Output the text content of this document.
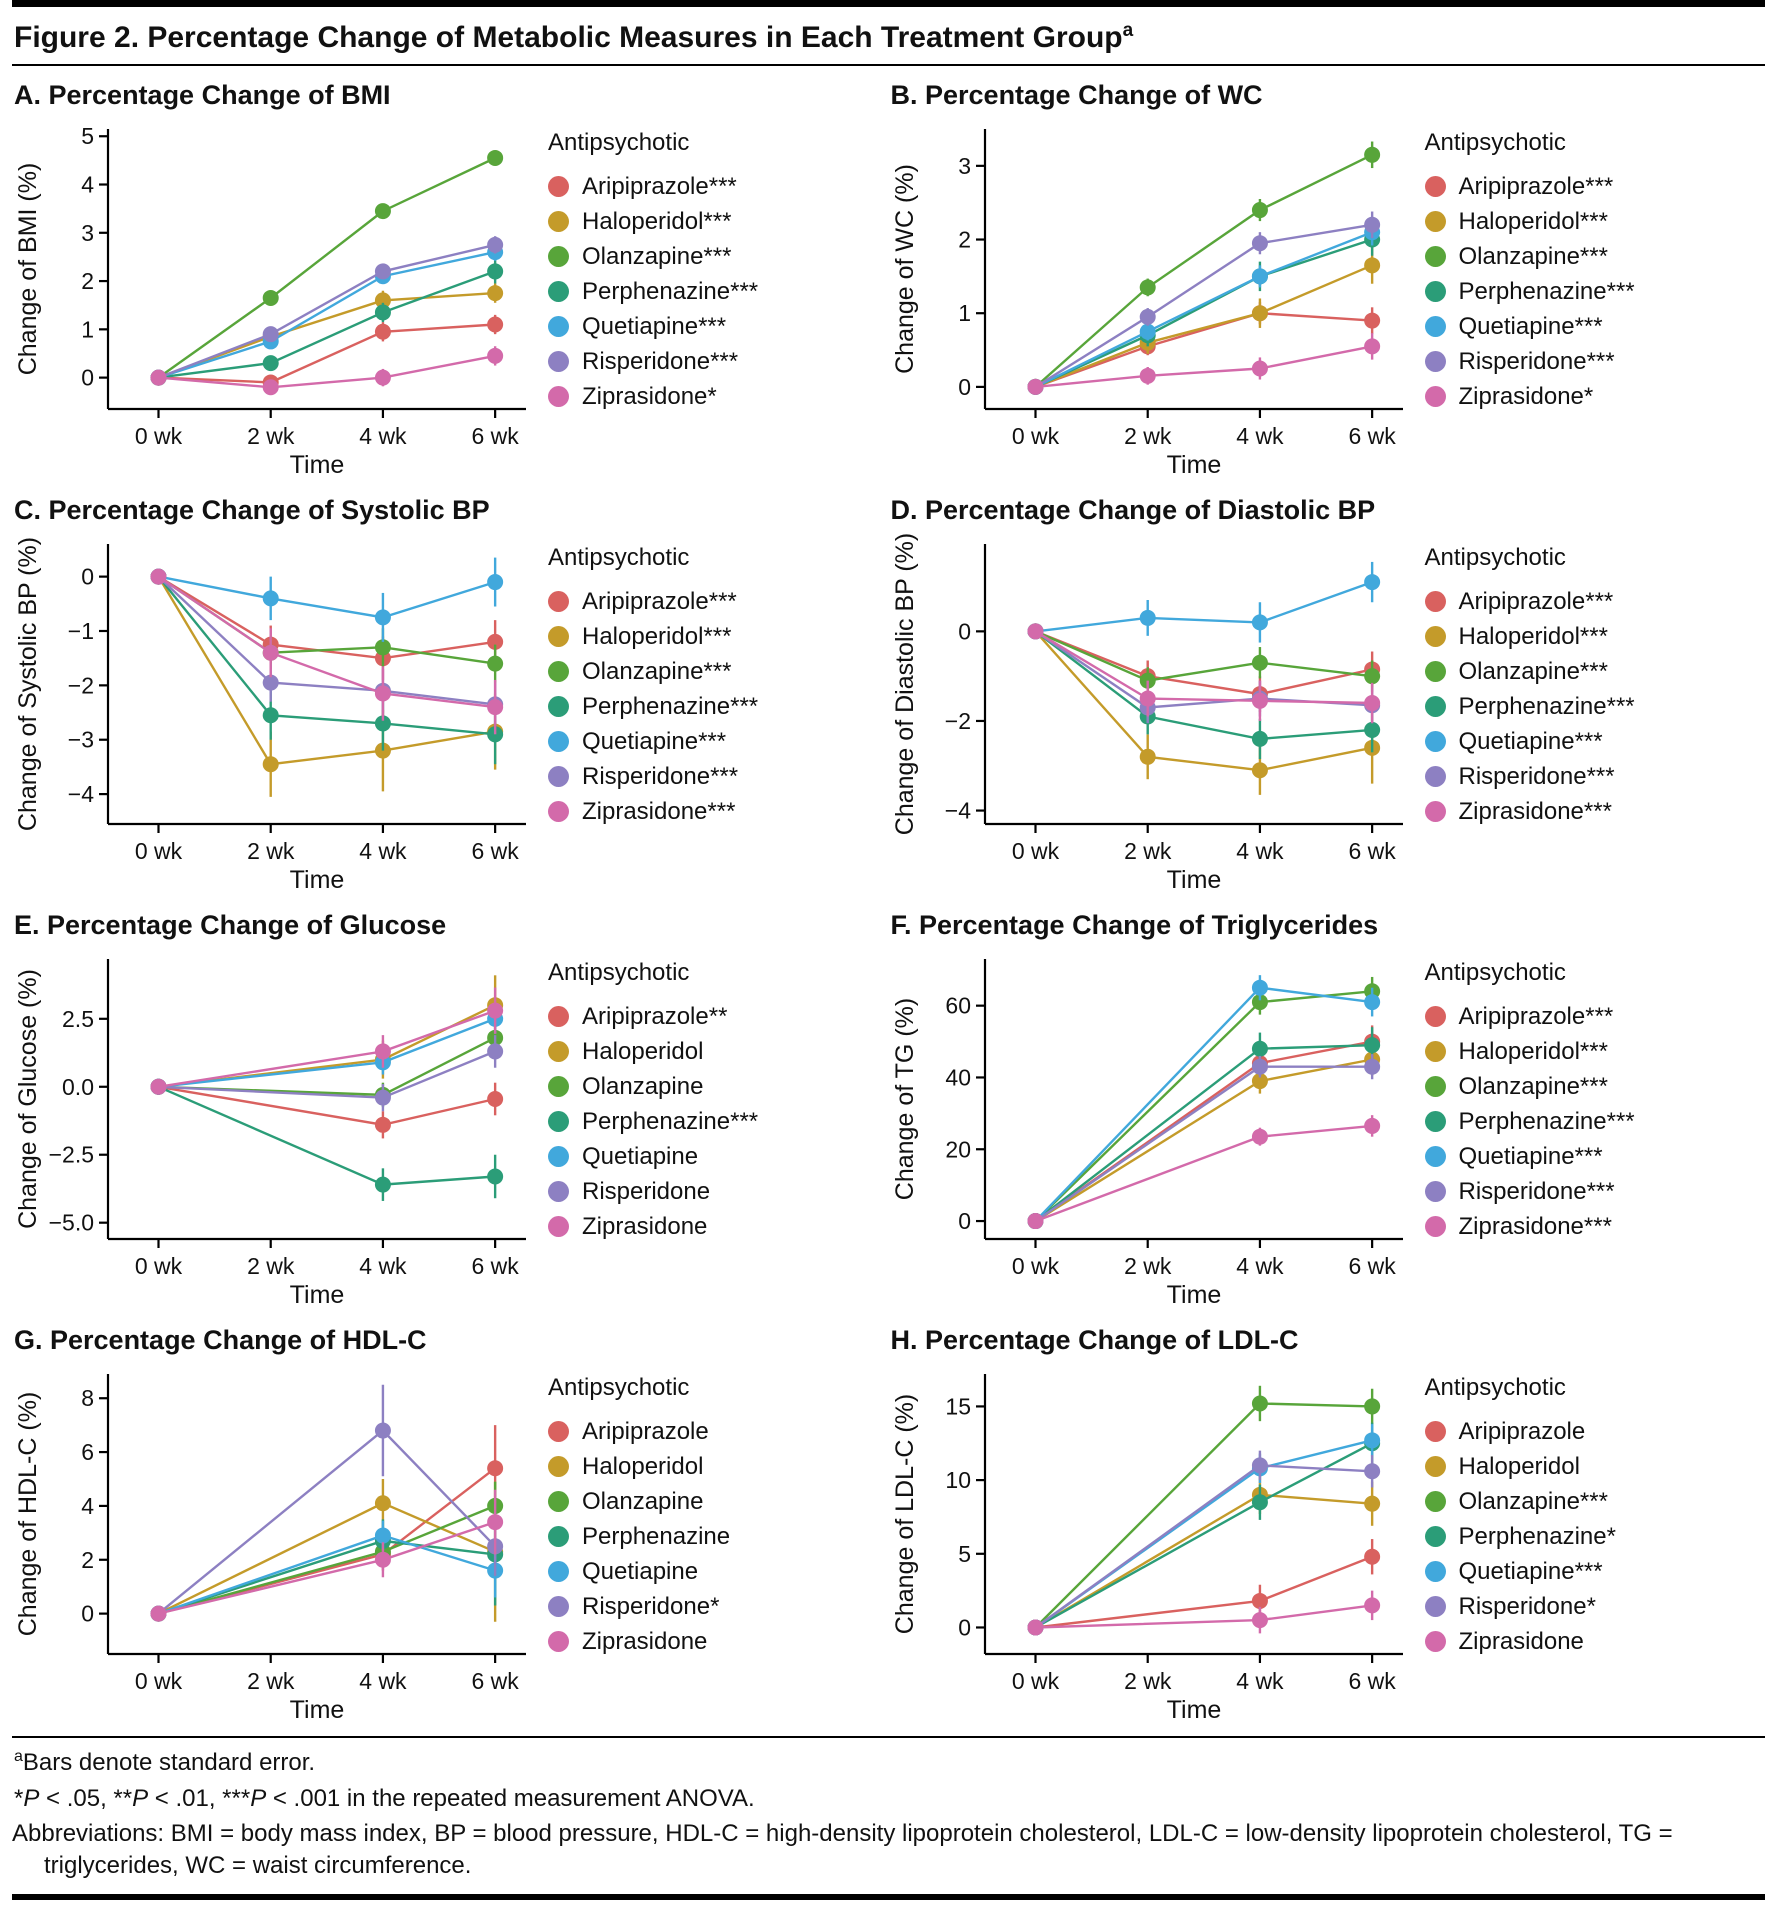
Figure 2. Percentage Change of Metabolic Measures in Each Treatment Group$^a$
A. Percentage Change of BMI
0
1
2
3
4
5
0 wk	2 wk	4 wk	6 wk
Time
Change of BMI (%)
Antipsychotic
Aripiprazole***
Haloperidol***
Olanzapine***
Perphenazine***
Quetiapine***
Risperidone***
Ziprasidone*
B. Percentage Change of WC
0
1
2
3
0 wk	2 wk	4 wk	6 wk
Time
Change of WC (%)
Antipsychotic
Aripiprazole***
Haloperidol***
Olanzapine***
Perphenazine***
Quetiapine***
Risperidone***
Ziprasidone*
C. Percentage Change of Systolic BP
0
−1
−2
−3
−4
0 wk	2 wk	4 wk	6 wk
Time
Change of Systolic BP (%)	Antipsychotic
Aripiprazole***
Haloperidol***
Olanzapine***
Perphenazine***
Quetiapine***
Risperidone***
Ziprasidone***
D. Percentage Change of Diastolic BP
0
−2
−4
0 wk	2 wk	4 wk	6 wk
Time
Change of Diastolic BP (%)	Antipsychotic
Aripiprazole***
Haloperidol***
Olanzapine***
Perphenazine***
Quetiapine***
Risperidone***
Ziprasidone***
E. Percentage Change of Glucose
−5.0
−2.5
0.0
2.5
0 wk	2 wk	4 wk	6 wk
Time
Change of Glucose (%)	Antipsychotic
Aripiprazole**
Haloperidol
Olanzapine
Perphenazine***
Quetiapine
Risperidone
Ziprasidone
F. Percentage Change of Triglycerides
0
20
40
60
0 wk	2 wk	4 wk	6 wk
Time
Change of TG (%)
Antipsychotic
Aripiprazole***
Haloperidol***
Olanzapine***
Perphenazine***
Quetiapine***
Risperidone***
Ziprasidone***
G. Percentage Change of HDL-C
0
2
4
6
8
0 wk	2 wk	4 wk	6 wk
Time
Change of HDL-C (%)
Antipsychotic
Aripiprazole
Haloperidol
Olanzapine
Perphenazine
Quetiapine
Risperidone*
Ziprasidone
H. Percentage Change of LDL-C
0
5
10
15
0 wk	2 wk	4 wk	6 wk
Time
Change of LDL-C (%)
Antipsychotic
Aripiprazole
Haloperidol
Olanzapine***
Perphenazine*
Quetiapine***
Risperidone*
Ziprasidone

$^a$Bars denote standard error.

*P < .05, **P < .01, ***P < .001 in the repeated measurement ANOVA.

Abbreviations: BMI = body mass index, BP = blood pressure, HDL-C = high-density lipoprotein cholesterol, LDL-C = low-density lipoprotein cholesterol, TG = triglycerides, WC = waist circumference.
